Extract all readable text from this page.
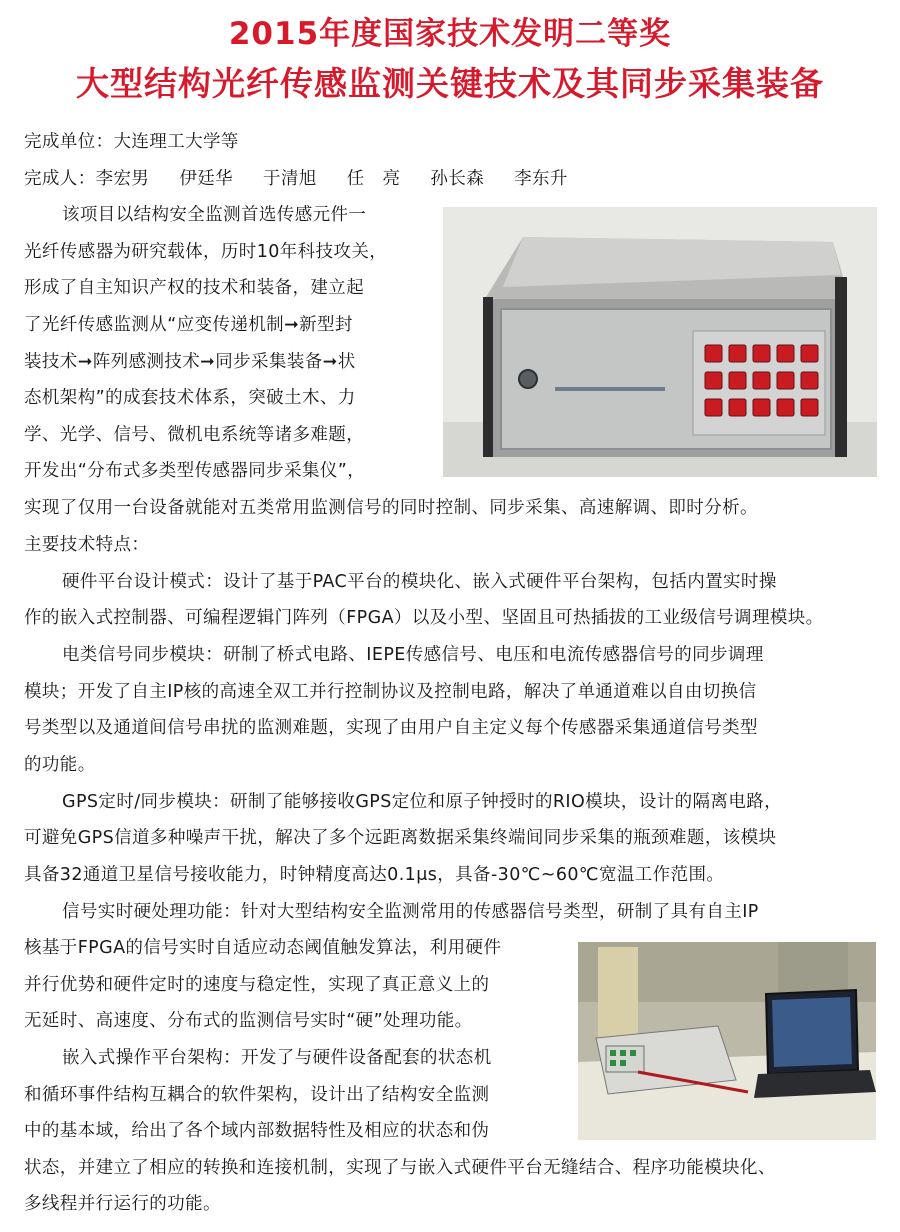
2015年度国家技术发明二等奖
大型结构光纤传感监测关键技术及其同步采集装备
完成单位：大连理工大学等
完成人：李宏男 伊廷华 于清旭 任　亮 孙长森 李东升

该项目以结构安全监测首选传感元件一

光纤传感器为研究载体，历时10年科技攻关，

形成了自主知识产权的技术和装备，建立起

了光纤传感监测从“应变传递机制➞新型封

装技术➞阵列感测技术➞同步采集装备➞状

态机架构”的成套技术体系，突破土木、力

学、光学、信号、微机电系统等诸多难题，

开发出“分布式多类型传感器同步采集仪”，

实现了仅用一台设备就能对五类常用监测信号的同时控制、同步采集、高速解调、即时分析。

主要技术特点：

硬件平台设计模式：设计了基于PAC平台的模块化、嵌入式硬件平台架构，包括内置实时操

作的嵌入式控制器、可编程逻辑门阵列（FPGA）以及小型、坚固且可热插拔的工业级信号调理模块。

电类信号同步模块：研制了桥式电路、IEPE传感信号、电压和电流传感器信号的同步调理

模块；开发了自主IP核的高速全双工并行控制协议及控制电路，解决了单通道难以自由切换信

号类型以及通道间信号串扰的监测难题，实现了由用户自主定义每个传感器采集通道信号类型

的功能。

GPS定时/同步模块：研制了能够接收GPS定位和原子钟授时的RIO模块，设计的隔离电路，

可避免GPS信道多种噪声干扰，解决了多个远距离数据采集终端间同步采集的瓶颈难题，该模块

具备32通道卫星信号接收能力，时钟精度高达0.1μs，具备-30℃~60℃宽温工作范围。

信号实时硬处理功能：针对大型结构安全监测常用的传感器信号类型，研制了具有自主IP

核基于FPGA的信号实时自适应动态阈值触发算法，利用硬件

并行优势和硬件定时的速度与稳定性，实现了真正意义上的

无延时、高速度、分布式的监测信号实时“硬”处理功能。

嵌入式操作平台架构：开发了与硬件设备配套的状态机

和循环事件结构互耦合的软件架构，设计出了结构安全监测

中的基本域，给出了各个域内部数据特性及相应的状态和伪

状态，并建立了相应的转换和连接机制，实现了与嵌入式硬件平台无缝结合、程序功能模块化、

多线程并行运行的功能。
